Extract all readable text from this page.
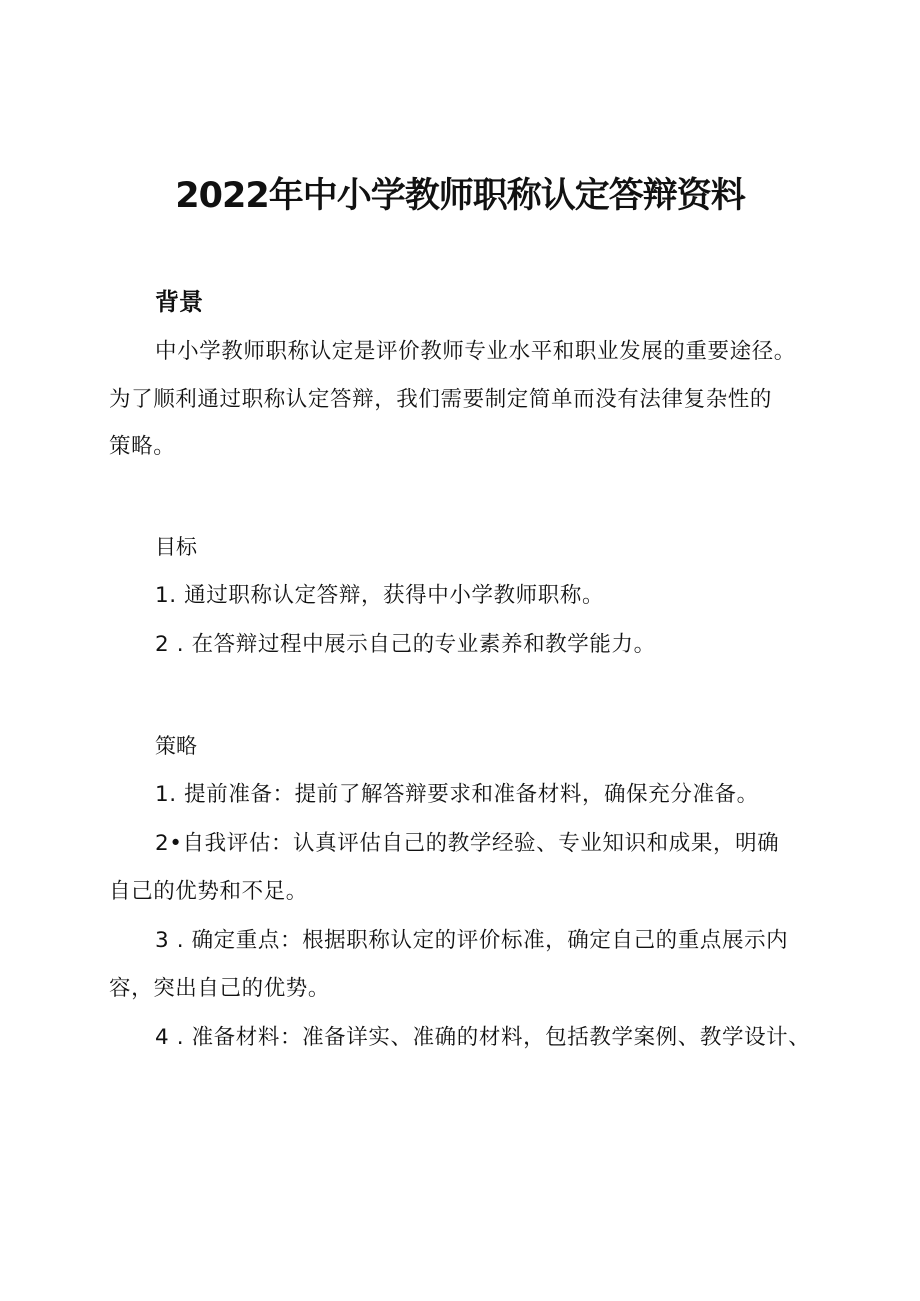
2022年中小学教师职称认定答辩资料
背景
中小学教师职称认定是评价教师专业水平和职业发展的重要途径。
为了顺利通过职称认定答辩，我们需要制定简单而没有法律复杂性的
策略。
目标
1. 通过职称认定答辩，获得中小学教师职称。
2 . 在答辩过程中展示自己的专业素养和教学能力。
策略
1. 提前准备：提前了解答辩要求和准备材料，确保充分准备。
2•自我评估：认真评估自己的教学经验、专业知识和成果，明确
自己的优势和不足。
3 . 确定重点：根据职称认定的评价标准，确定自己的重点展示内
容，突出自己的优势。
4 . 准备材料：准备详实、准确的材料，包括教学案例、教学设计、
